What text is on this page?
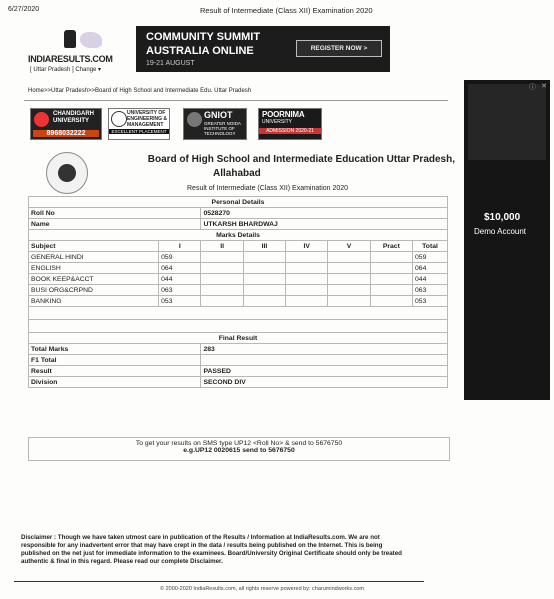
6/27/2020	Result of Intermediate (Class XII) Examination 2020
INDIARESULTS.COM
[ Uttar Pradesh ] Change ▾
COMMUNITY SUMMIT
AUSTRALIA ONLINE
19-21 AUGUST
REGISTER NOW >
Home>>Uttar Pradesh>>Board of High School and Intermediate Edu. Uttar Pradesh
CHANDIGARH UNIVERSITY
8968032222
UNIVERSITY OF ENGINEERING & MANAGEMENT
EXCELLENT PLACEMENT
GNIOT
GREATER NOIDA INSTITUTE OF TECHNOLOGY
POORNIMA
UNIVERSITY
ADMISSION 2020-21
Board of High School and Intermediate Education Uttar Pradesh,
Allahabad
Result of Intermediate (Class XII) Examination 2020
Personal Details							
Roll No		0528270					
Name		UTKARSH BHARDWAJ					
Marks Details							
Subject	I	II	III	IV	V	Pract	Total
GENERAL HINDI	059						059
ENGLISH	064						064
BOOK KEEP&ACCT	044						044
BUSI ORG&CRPND	063						063
BANKING	053						053

Final Result							
Total Marks		283					
F1 Total							
Result		PASSED					
Division		SECOND DIV					
To get your results on SMS type UP12 <Roll No> & send to 5676750
e.g.UP12 0020615 send to 5676750
Disclaimer : Though we have taken utmost care in publication of the Results / Information at IndiaResults.com. We are not responsible for any inadvertent error that may have crept in the data / results being published on the Internet. This is being published on the net just for immediate information to the examinees. Board/University Original Certificate should only be treated authentic & final in this regard. Please read our complete Disclaimer.
© 2000-2020 IndiaResults.com, all rights reserve powered by: charumindworks.com
ⓘ ✕
$10,000
Demo Account
